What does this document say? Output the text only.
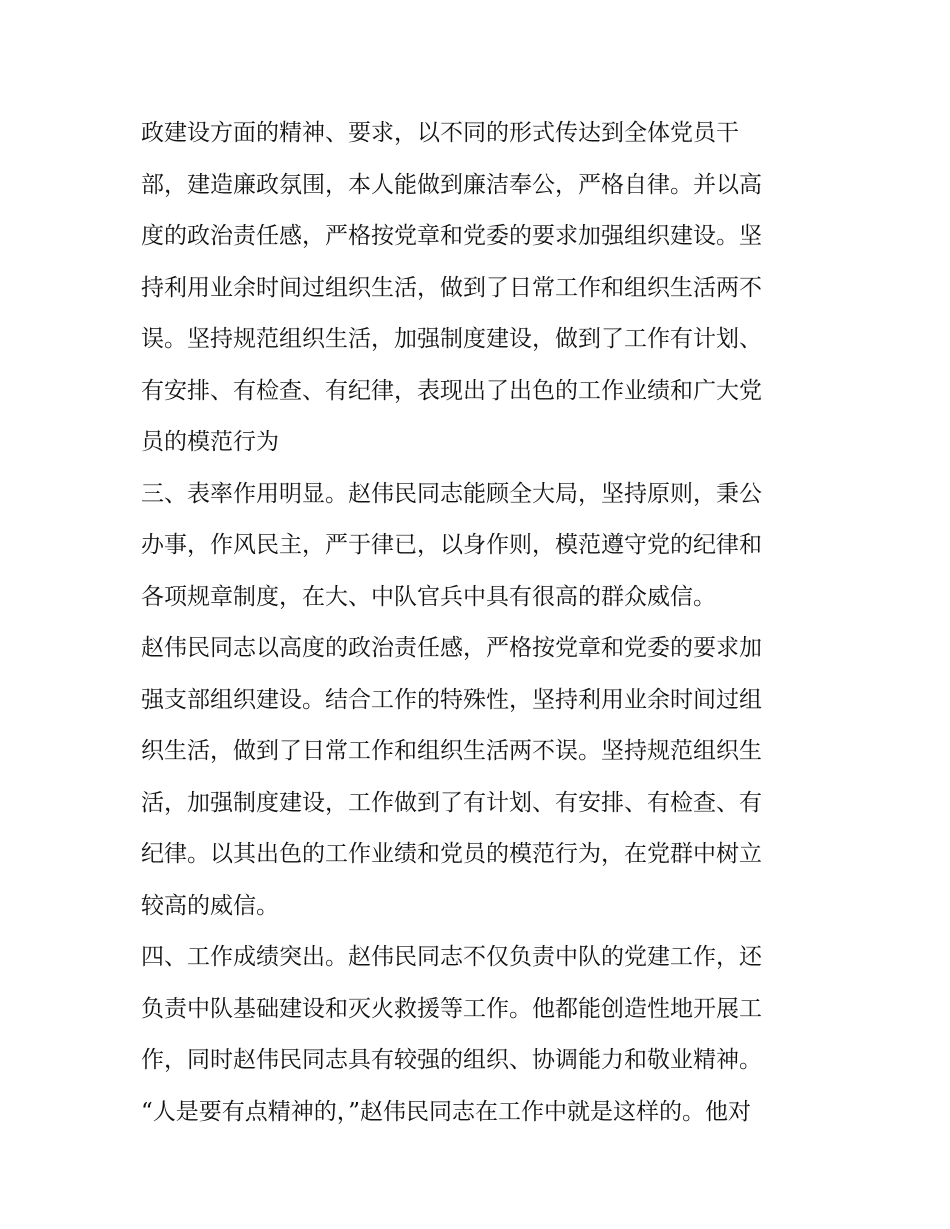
政建设方面的精神、要求，以不同的形式传达到全体党员干

部，建造廉政氛围，本人能做到廉洁奉公，严格自律。并以高

度的政治责任感，严格按党章和党委的要求加强组织建设。坚

持利用业余时间过组织生活，做到了日常工作和组织生活两不

误。坚持规范组织生活，加强制度建设，做到了工作有计划、

有安排、有检查、有纪律，表现出了出色的工作业绩和广大党

员的模范行为

三、表率作用明显。赵伟民同志能顾全大局，坚持原则，秉公

办事，作风民主，严于律已，以身作则，模范遵守党的纪律和

各项规章制度，在大、中队官兵中具有很高的群众威信。

赵伟民同志以高度的政治责任感，严格按党章和党委的要求加

强支部组织建设。结合工作的特殊性，坚持利用业余时间过组

织生活，做到了日常工作和组织生活两不误。坚持规范组织生

活，加强制度建设，工作做到了有计划、有安排、有检查、有

纪律。以其出色的工作业绩和党员的模范行为，在党群中树立

较高的威信。

四、工作成绩突出。赵伟民同志不仅负责中队的党建工作，还

负责中队基础建设和灭火救援等工作。他都能创造性地开展工

作，同时赵伟民同志具有较强的组织、协调能力和敬业精神。

“人是要有点精神的，”赵伟民同志在工作中就是这样的。他对
